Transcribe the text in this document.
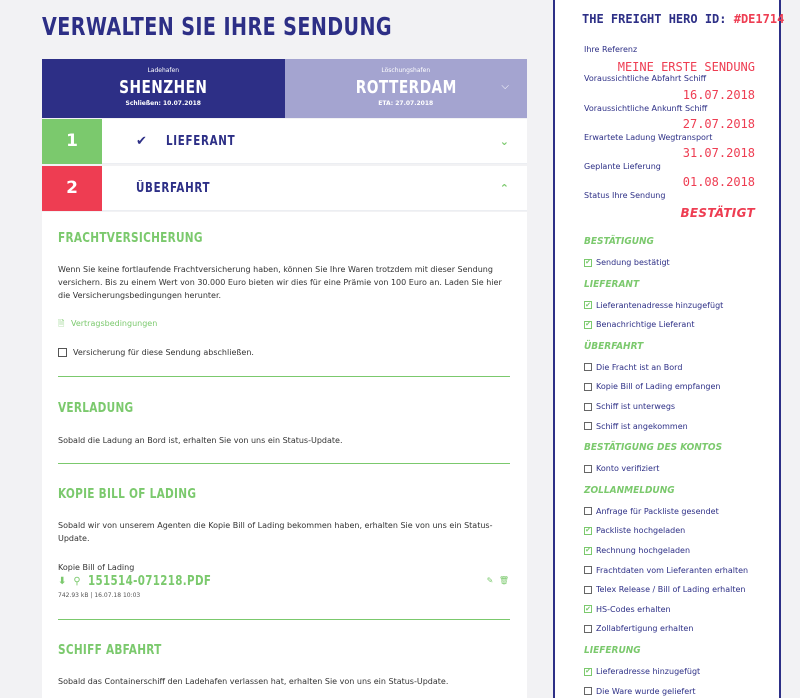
VERWALTEN SIE IHRE SENDUNG
Ladehafen
SHENZHEN
Schließen: 10.07.2018
Löschungshafen
ROTTERDAM
ETA: 27.07.2018
⌵
1	✔	LIEFERANT	⌄
2	ÜBERFAHRT	⌃
FRACHTVERSICHERUNG
Wenn Sie keine fortlaufende Frachtversicherung haben, können Sie Ihre Waren trotzdem mit dieser Sendung versichern. Bis zu einem Wert von 30.000 Euro bieten wir dies für eine Prämie von 100 Euro an. Laden Sie hier die Versicherungsbedingungen herunter.
🗎 Vertragsbedingungen
Versicherung für diese Sendung abschließen.
VERLADUNG
Sobald die Ladung an Bord ist, erhalten Sie von uns ein Status-Update.
KOPIE BILL OF LADING
Sobald wir von unserem Agenten die Kopie Bill of Lading bekommen haben, erhalten Sie von uns ein Status-Update.
Kopie Bill of Lading
⬇ ⚲ 151514-071218.PDF
742.93 kB | 16.07.18 10:03
✎ 🗑
SCHIFF ABFAHRT
Sobald das Containerschiff den Ladehafen verlassen hat, erhalten Sie von uns ein Status-Update.
THE FREIGHT HERO ID: #DE1714
Ihre Referenz
MEINE ERSTE SENDUNG
Voraussichtliche Abfahrt Schiff
16.07.2018
Voraussichtliche Ankunft Schiff
27.07.2018
Erwartete Ladung Wegtransport
31.07.2018
Geplante Lieferung
01.08.2018
Status Ihre Sendung
BESTÄTIGT
BESTÄTIGUNG
✔ Sendung bestätigt
LIEFERANT
✔ Lieferantenadresse hinzugefügt
✔ Benachrichtige Lieferant
ÜBERFAHRT
Die Fracht ist an Bord
Kopie Bill of Lading empfangen
Schiff ist unterwegs
Schiff ist angekommen
BESTÄTIGUNG DES KONTOS
Konto verifiziert
ZOLLANMELDUNG
Anfrage für Packliste gesendet
✔ Packliste hochgeladen
✔ Rechnung hochgeladen
Frachtdaten vom Lieferanten erhalten
Telex Release / Bill of Lading erhalten
✔ HS-Codes erhalten
Zollabfertigung erhalten
LIEFERUNG
✔ Lieferadresse hinzugefügt
Die Ware wurde geliefert
